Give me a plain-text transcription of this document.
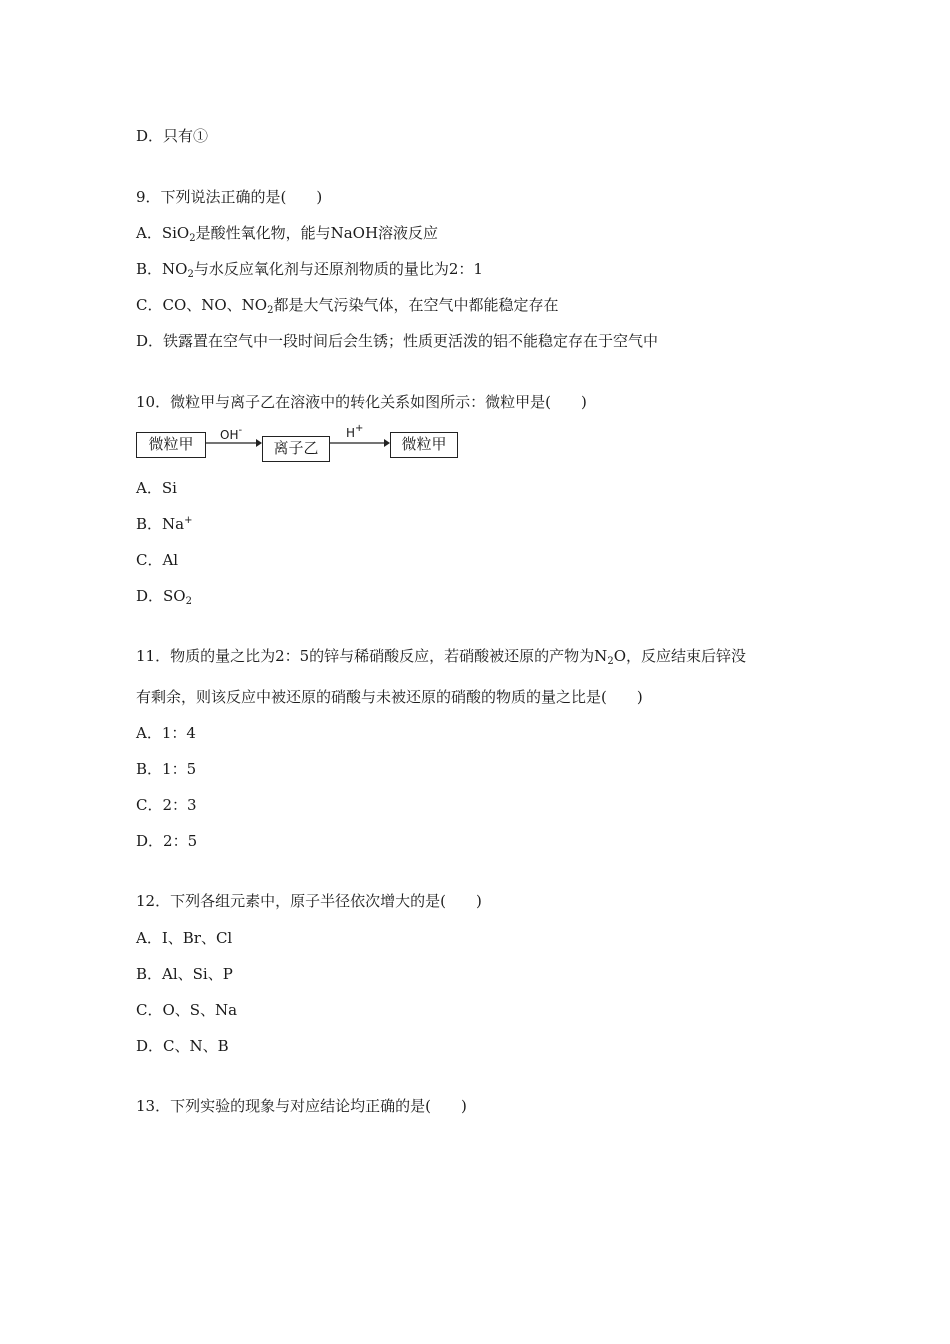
D．只有①
9．下列说法正确的是(　　)
A．SiO$_2$是酸性氧化物，能与NaOH溶液反应
B．$NO_2$与水反应氧化剂与还原剂物质的量比为2：1
C．CO、NO、$NO_2$都是大气污染气体，在空气中都能稳定存在
D．铁露置在空气中一段时间后会生锈；性质更活泼的铝不能稳定存在于空气中
10．微粒甲与离子乙在溶液中的转化关系如图所示：微粒甲是(　　)
微粒甲	OH-
离子乙
H+
微粒甲
A．Si
B．Na+
C．Al
D．$SO_2$
11．物质的量之比为2：5的锌与稀硝酸反应，若硝酸被还原的产物为$N_2O$，反应结束后锌没
有剩余，则该反应中被还原的硝酸与未被还原的硝酸的物质的量之比是(　　)
A．1：4
B．1：5
C．2：3
D．2：5
12．下列各组元素中，原子半径依次增大的是(　　)
A．I、Br、Cl
B．Al、Si、P
C．O、S、Na
D．C、N、B
13．下列实验的现象与对应结论均正确的是(　　)
